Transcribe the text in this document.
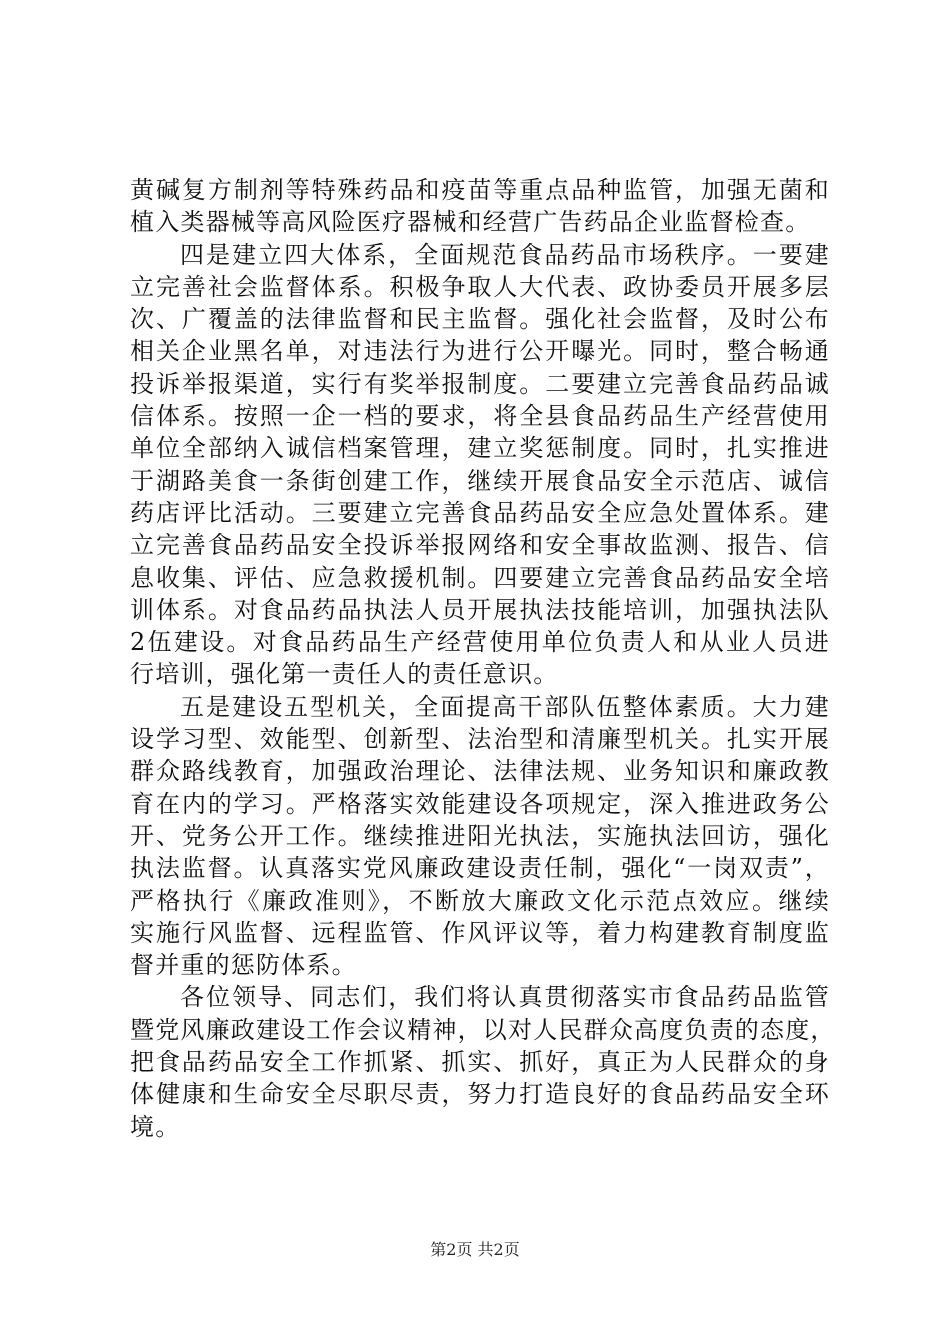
黄碱复方制剂等特殊药品和疫苗等重点品种监管，加强无菌和
植入类器械等高风险医疗器械和经营广告药品企业监督检查。
四是建立四大体系，全面规范食品药品市场秩序。一要建
立完善社会监督体系。积极争取人大代表、政协委员开展多层
次、广覆盖的法律监督和民主监督。强化社会监督，及时公布
相关企业黑名单，对违法行为进行公开曝光。同时，整合畅通
投诉举报渠道，实行有奖举报制度。二要建立完善食品药品诚
信体系。按照一企一档的要求，将全县食品药品生产经营使用
单位全部纳入诚信档案管理，建立奖惩制度。同时，扎实推进
于湖路美食一条街创建工作，继续开展食品安全示范店、诚信
药店评比活动。三要建立完善食品药品安全应急处置体系。建
立完善食品药品安全投诉举报网络和安全事故监测、报告、信
息收集、评估、应急救援机制。四要建立完善食品药品安全培
训体系。对食品药品执法人员开展执法技能培训，加强执法队
2伍建设。对食品药品生产经营使用单位负责人和从业人员进
行培训，强化第一责任人的责任意识。
五是建设五型机关，全面提高干部队伍整体素质。大力建
设学习型、效能型、创新型、法治型和清廉型机关。扎实开展
群众路线教育，加强政治理论、法律法规、业务知识和廉政教
育在内的学习。严格落实效能建设各项规定，深入推进政务公
开、党务公开工作。继续推进阳光执法，实施执法回访，强化
执法监督。认真落实党风廉政建设责任制，强化“一岗双责”，
严格执行《廉政准则》，不断放大廉政文化示范点效应。继续
实施行风监督、远程监管、作风评议等，着力构建教育制度监
督并重的惩防体系。
各位领导、同志们，我们将认真贯彻落实市食品药品监管
暨党风廉政建设工作会议精神，以对人民群众高度负责的态度，
把食品药品安全工作抓紧、抓实、抓好，真正为人民群众的身
体健康和生命安全尽职尽责，努力打造良好的食品药品安全环
境。
第2页 共2页
